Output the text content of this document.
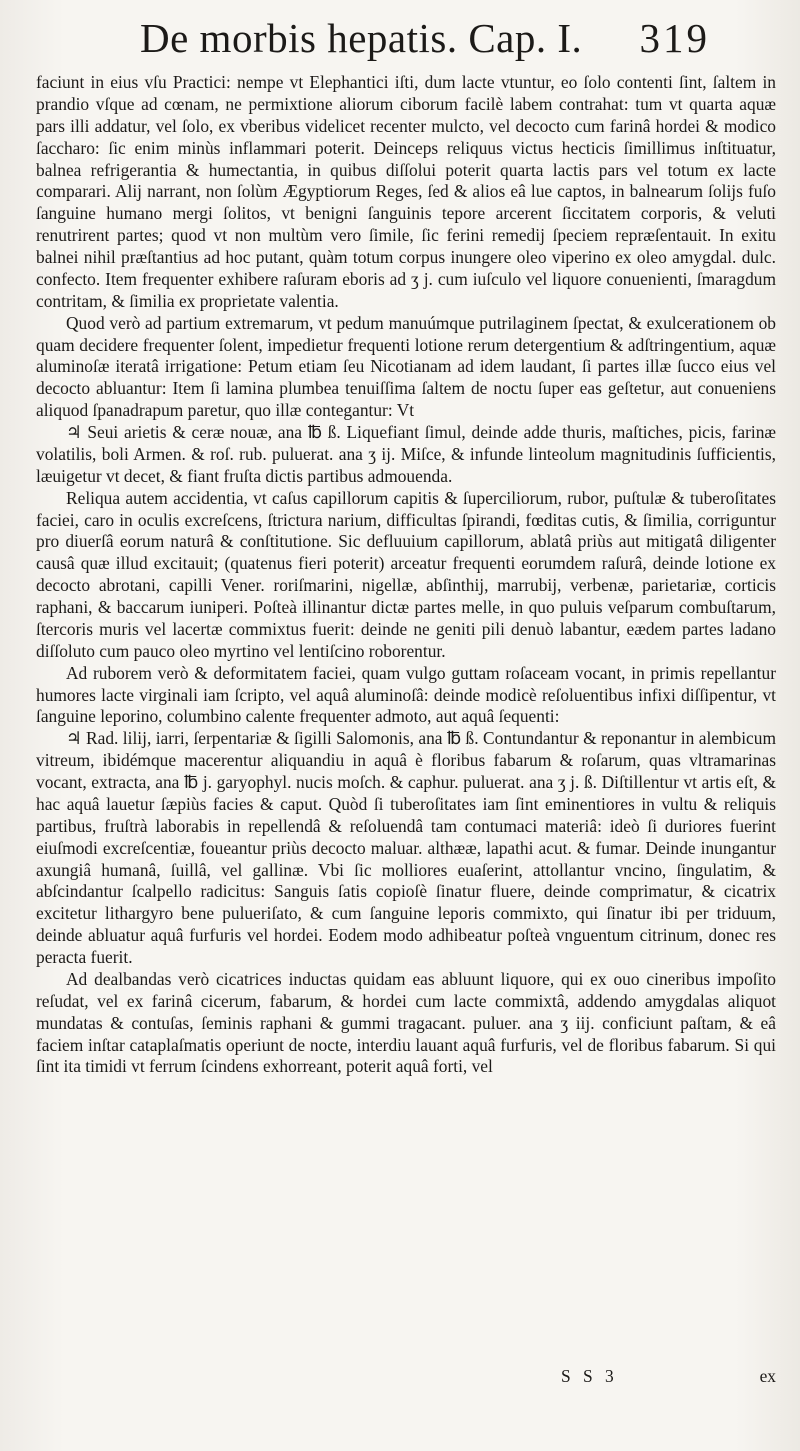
De morbis hepatis. Cap. I. 319

faciunt in eius vſu Practici: nempe vt Elephantici iſti, dum lacte vtuntur, eo ſolo contenti ſint, ſaltem in prandio vſque ad cœnam, ne permixtione aliorum ciborum facilè labem contrahat: tum vt quarta aquæ pars illi addatur, vel ſolo, ex vberibus videlicet recenter mulcto, vel decocto cum farinâ hordei & modico ſaccharo: ſic enim minùs inflammari poterit. Deinceps reliquus victus hecticis ſimillimus inſtituatur, balnea refrigerantia & humectantia, in quibus diſſolui poterit quarta lactis pars vel totum ex lacte comparari. Alij narrant, non ſolùm Ægyptiorum Reges, ſed & alios eâ lue captos, in balnearum ſolijs fuſo ſanguine humano mergi ſolitos, vt benigni ſanguinis tepore arcerent ſiccitatem corporis, & veluti renutrirent partes; quod vt non multùm vero ſimile, ſic ferini remedij ſpeciem repræſentauit. In exitu balnei nihil præſtantius ad hoc putant, quàm totum corpus inungere oleo viperino ex oleo amygdal. dulc. confecto. Item frequenter exhibere raſuram eboris ad ʒ j. cum iuſculo vel liquore conuenienti, ſmaragdum contritam, & ſimilia ex proprietate valentia.

Quod verò ad partium extremarum, vt pedum manuúmque putrilaginem ſpectat, & exulcerationem ob quam decidere frequenter ſolent, impedietur frequenti lotione rerum detergentium & adſtringentium, aquæ aluminoſæ iteratâ irrigatione: Petum etiam ſeu Nicotianam ad idem laudant, ſi partes illæ ſucco eius vel decocto abluantur: Item ſi lamina plumbea tenuiſſima ſaltem de noctu ſuper eas geſtetur, aut conueniens aliquod ſpanadrapum paretur, quo illæ contegantur: Vt

♃ Seui arietis & ceræ nouæ, ana ℔ ß. Liquefiant ſimul, deinde adde thuris, maſtiches, picis, farinæ volatilis, boli Armen. & roſ. rub. puluerat. ana ʒ ij. Miſce, & infunde linteolum magnitudinis ſufficientis, læuigetur vt decet, & fiant fruſta dictis partibus admouenda.

Reliqua autem accidentia, vt caſus capillorum capitis & ſuperciliorum, rubor, puſtulæ & tuberoſitates faciei, caro in oculis excreſcens, ſtrictura narium, difficultas ſpirandi, fœditas cutis, & ſimilia, corriguntur pro diuerſâ eorum naturâ & conſtitutione. Sic defluuium capillorum, ablatâ priùs aut mitigatâ diligenter causâ quæ illud excitauit; (quatenus fieri poterit) arceatur frequenti eorumdem raſurâ, deinde lotione ex decocto abrotani, capilli Vener. roriſmarini, nigellæ, abſinthij, marrubij, verbenæ, parietariæ, corticis raphani, & baccarum iuniperi. Poſteà illinantur dictæ partes melle, in quo puluis veſparum combuſtarum, ſtercoris muris vel lacertæ commixtus fuerit: deinde ne geniti pili denuò labantur, eædem partes ladano diſſoluto cum pauco oleo myrtino vel lentiſcino roborentur.

Ad ruborem verò & deformitatem faciei, quam vulgo guttam roſaceam vocant, in primis repellantur humores lacte virginali iam ſcripto, vel aquâ aluminoſâ: deinde modicè reſoluentibus infixi diſſipentur, vt ſanguine leporino, columbino calente frequenter admoto, aut aquâ ſequenti:

♃ Rad. lilij, iarri, ſerpentariæ & ſigilli Salomonis, ana ℔ ß. Contundantur & reponantur in alembicum vitreum, ibidémque macerentur aliquandiu in aquâ è floribus fabarum & roſarum, quas vltramarinas vocant, extracta, ana ℔ j. garyophyl. nucis moſch. & caphur. puluerat. ana ʒ j. ß. Diſtillentur vt artis eſt, & hac aquâ lauetur ſæpiùs facies & caput. Quòd ſi tuberoſitates iam ſint eminentiores in vultu & reliquis partibus, fruſtrà laborabis in repellendâ & reſoluendâ tam contumaci materiâ: ideò ſi duriores fuerint eiuſmodi excreſcentiæ, foueantur priùs decocto maluar. althææ, lapathi acut. & fumar. Deinde inungantur axungiâ humanâ, ſuillâ, vel gallinæ. Vbi ſic molliores euaſerint, attollantur vncino, ſingulatim, & abſcindantur ſcalpello radicitus: Sanguis ſatis copioſè ſinatur fluere, deinde comprimatur, & cicatrix excitetur lithargyro bene pulueriſato, & cum ſanguine leporis commixto, qui ſinatur ibi per triduum, deinde abluatur aquâ furfuris vel hordei. Eodem modo adhibeatur poſteà vnguentum citrinum, donec res peracta fuerit.

Ad dealbandas verò cicatrices inductas quidam eas abluunt liquore, qui ex ouo cineribus impoſito reſudat, vel ex farinâ cicerum, fabarum, & hordei cum lacte commixtâ, addendo amygdalas aliquot mundatas & contuſas, ſeminis raphani & gummi tragacant. puluer. ana ʒ iij. conficiunt paſtam, & eâ faciem inſtar cataplaſmatis operiunt de nocte, interdiu lauant aquâ furfuris, vel de floribus fabarum. Si qui ſint ita timidi vt ferrum ſcindens exhorreant, poterit aquâ forti, vel

S S 3	ex
